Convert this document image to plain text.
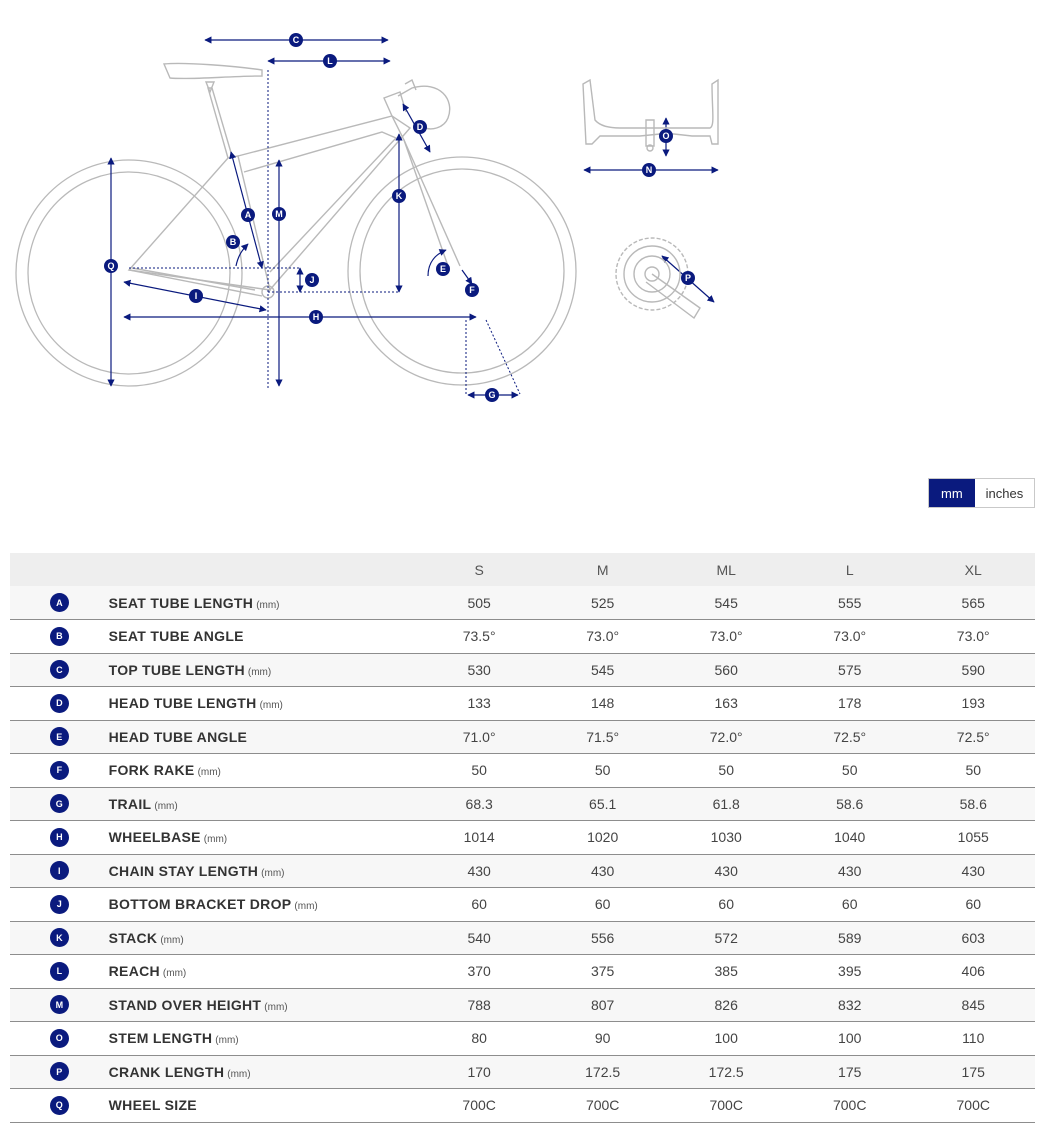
C
L
D
M
A
B
K
Q
J
E
F
I
H
G
O
N
P
mm	inches
		S	M	ML	L	XL
A	SEAT TUBE LENGTH (mm)	505	525	545	555	565
B	SEAT TUBE ANGLE	73.5°	73.0°	73.0°	73.0°	73.0°
C	TOP TUBE LENGTH (mm)	530	545	560	575	590
D	HEAD TUBE LENGTH (mm)	133	148	163	178	193
E	HEAD TUBE ANGLE	71.0°	71.5°	72.0°	72.5°	72.5°
F	FORK RAKE (mm)	50	50	50	50	50
G	TRAIL (mm)	68.3	65.1	61.8	58.6	58.6
H	WHEELBASE (mm)	1014	1020	1030	1040	1055
I	CHAIN STAY LENGTH (mm)	430	430	430	430	430
J	BOTTOM BRACKET DROP (mm)	60	60	60	60	60
K	STACK (mm)	540	556	572	589	603
L	REACH (mm)	370	375	385	395	406
M	STAND OVER HEIGHT (mm)	788	807	826	832	845
O	STEM LENGTH (mm)	80	90	100	100	110
P	CRANK LENGTH (mm)	170	172.5	172.5	175	175
Q	WHEEL SIZE	700C	700C	700C	700C	700C
